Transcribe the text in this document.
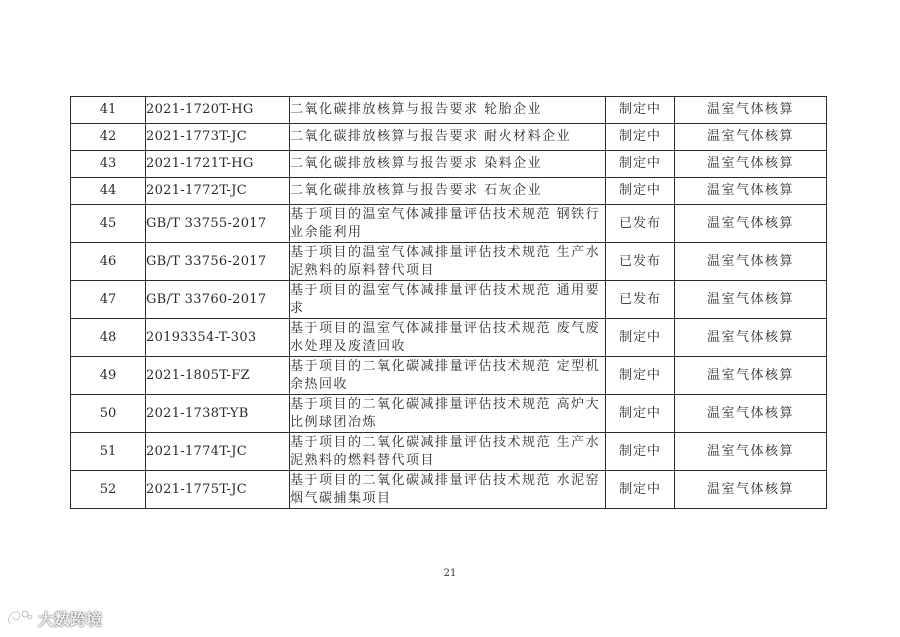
41	2021-1720T-HG	二氧化碳排放核算与报告要求 轮胎企业	制定中	温室气体核算
42	2021-1773T-JC	二氧化碳排放核算与报告要求 耐火材料企业	制定中	温室气体核算
43	2021-1721T-HG	二氧化碳排放核算与报告要求 染料企业	制定中	温室气体核算
44	2021-1772T-JC	二氧化碳排放核算与报告要求 石灰企业	制定中	温室气体核算
45	GB/T 33755-2017	基于项目的温室气体减排量评估技术规范 钢铁行业余能利用	已发布	温室气体核算
46	GB/T 33756-2017	基于项目的温室气体减排量评估技术规范 生产水泥熟料的原料替代项目	已发布	温室气体核算
47	GB/T 33760-2017	基于项目的温室气体减排量评估技术规范 通用要求	已发布	温室气体核算
48	20193354-T-303	基于项目的温室气体减排量评估技术规范 废气废水处理及废渣回收	制定中	温室气体核算
49	2021-1805T-FZ	基于项目的二氧化碳减排量评估技术规范 定型机余热回收	制定中	温室气体核算
50	2021-1738T-YB	基于项目的二氧化碳减排量评估技术规范 高炉大比例球团冶炼	制定中	温室气体核算
51	2021-1774T-JC	基于项目的二氧化碳减排量评估技术规范 生产水泥熟料的燃料替代项目	制定中	温室气体核算
52	2021-1775T-JC	基于项目的二氧化碳减排量评估技术规范 水泥窑烟气碳捕集项目	制定中	温室气体核算
21
大数跨境
